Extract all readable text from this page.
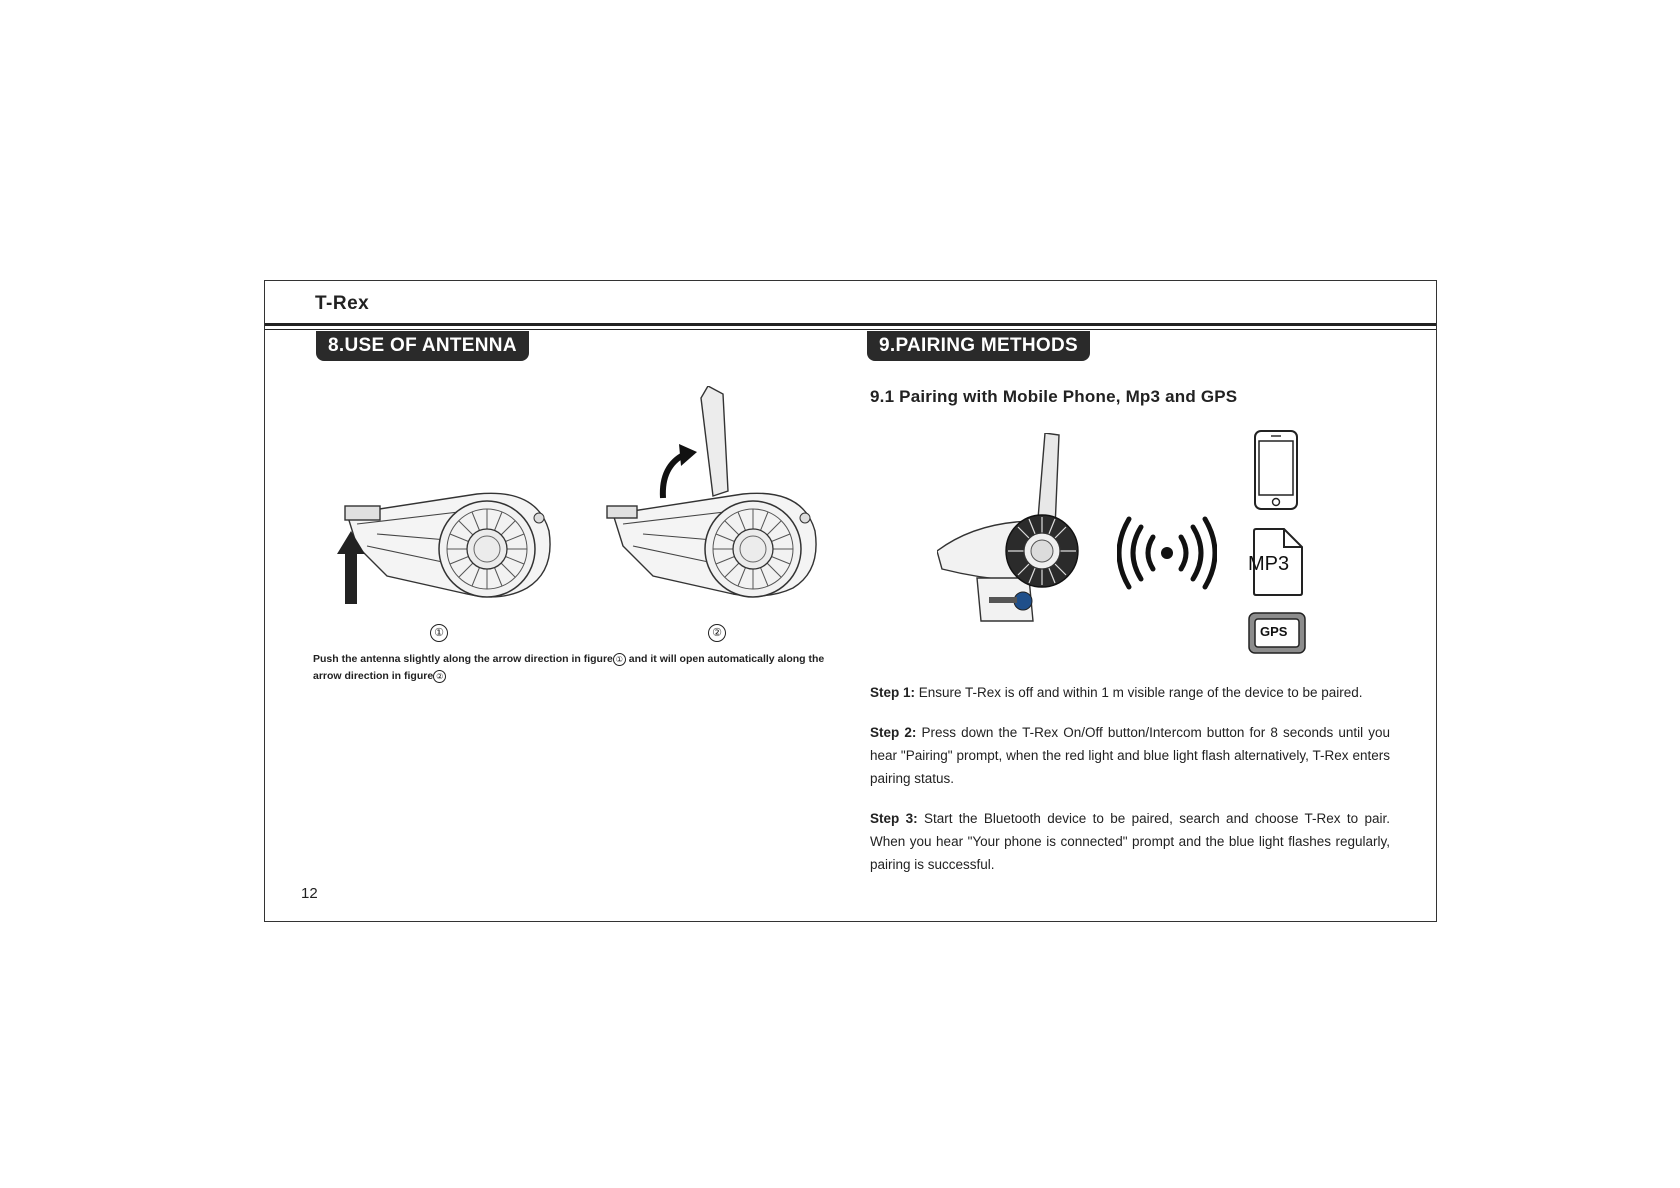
T-Rex
8.USE OF ANTENNA
①	②
Push the antenna slightly along the arrow direction in figure ① and it will open automatically along the arrow direction in figure ②
12
9.PAIRING METHODS
9.1 Pairing with Mobile Phone, Mp3 and GPS
MP3
GPS
Step 1: Ensure T-Rex is off and within 1 m visible range of the device to be paired.
Step 2: Press down the T-Rex On/Off button/Intercom button for 8 seconds until you hear "Pairing" prompt, when the red light and blue light flash alternatively, T-Rex enters pairing status.
Step 3: Start the Bluetooth device to be paired, search and choose T-Rex to pair. When you hear "Your phone is connected" prompt and the blue light flashes regularly, pairing is successful.
